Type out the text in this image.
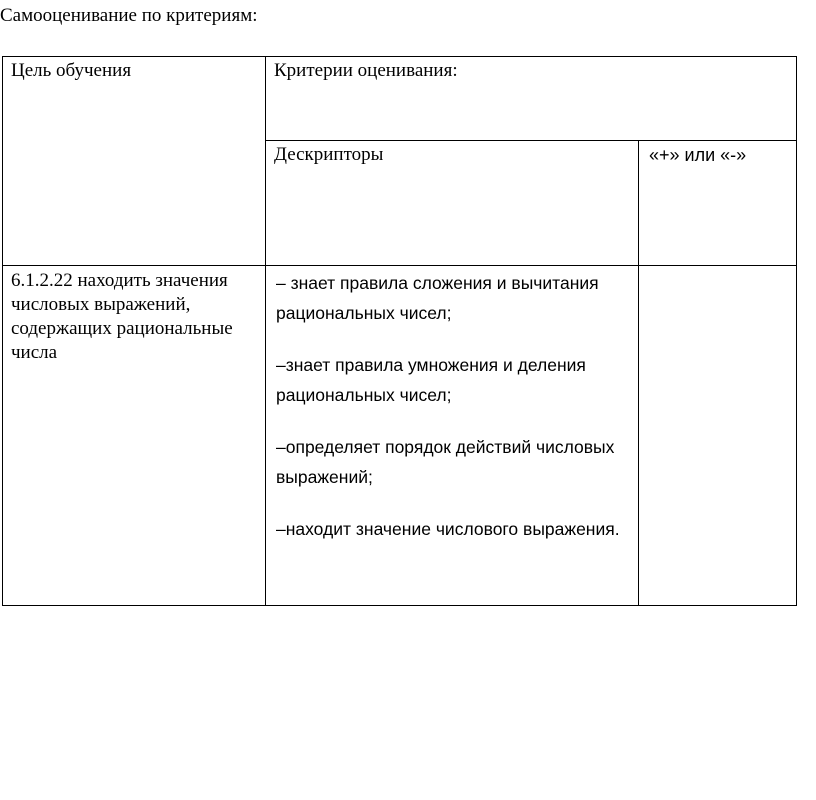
Самооценивание по критериям:
Цель обучения	Критерии оценивания:	

	Дескрипторы	«+» или «-»

6.1.2.22 находить значения числовых выражений, содержащих рациональные числа	– знает правила сложения и вычитания рациональных чисел;
–знает правила умножения и деления рациональных чисел;
–определяет порядок действий числовых выражений;
–находит значение числового выражения.	
